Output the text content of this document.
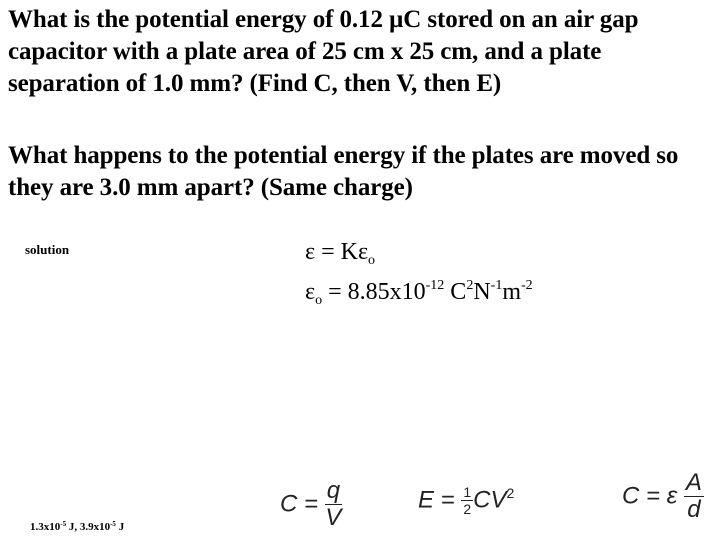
What is the potential energy of 0.12 µC stored on an air gap capacitor with a plate area of 25 cm x 25 cm, and a plate separation of 1.0 mm? (Find C, then V, then E)

What happens to the potential energy if the plates are moved so they are 3.0 mm apart? (Same charge)

solution	$\varepsilon = K\varepsilon_o$
$\varepsilon_o = 8.85x10^{-12}$ $C^2N^{-1}m^{-2}$
$1.3x10^{-5}$ J, $3.9x10^{-5}$ J
$C = \frac{q}{V}$	$E = \frac{1}{2} CV^2$	C = ε $\frac{A}{d}$
